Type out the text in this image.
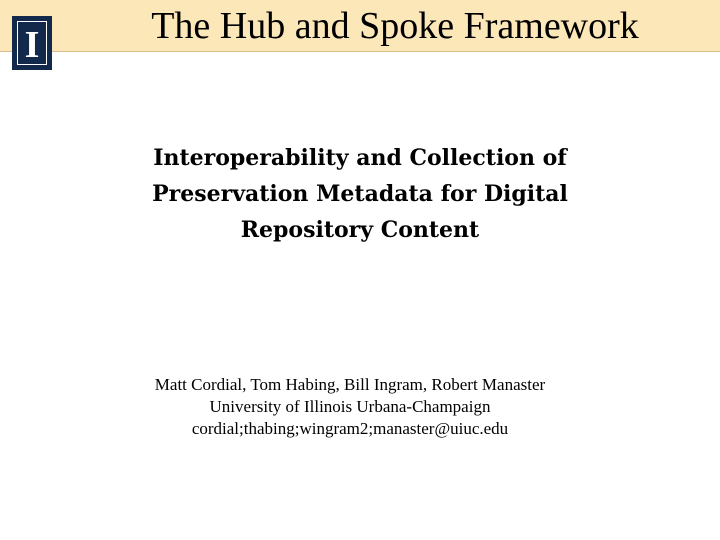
The Hub and Spoke Framework
I
Interoperability and Collection of
Preservation Metadata for Digital
Repository Content
Matt Cordial, Tom Habing, Bill Ingram, Robert Manaster
University of Illinois Urbana-Champaign
cordial;thabing;wingram2;manaster@uiuc.edu
